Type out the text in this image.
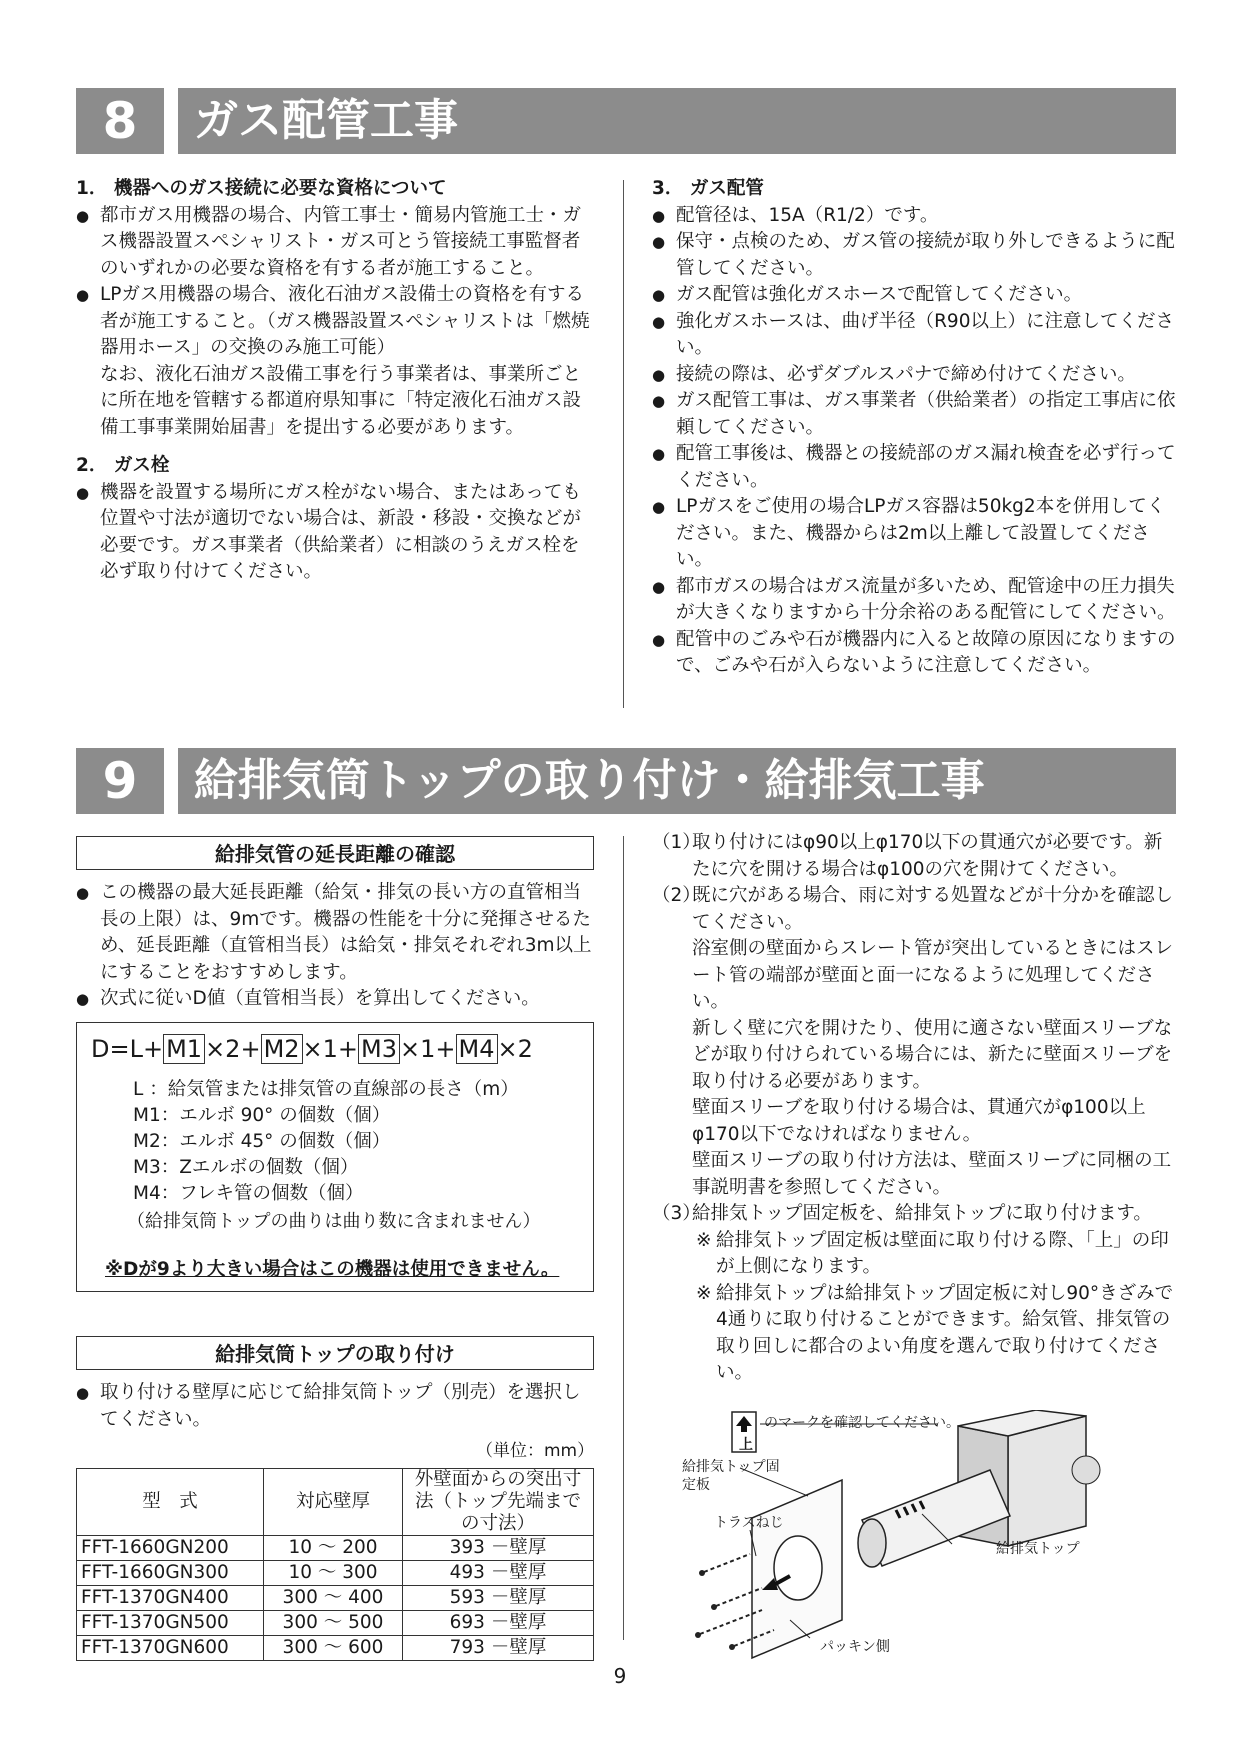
8	ガス配管工事

1． 機器へのガス接続に必要な資格について

● 都市ガス用機器の場合、内管工事士・簡易内管施工士・ガス機器設置スペシャリスト・ガス可とう管接続工事監督者のいずれかの必要な資格を有する者が施工すること。

● LPガス用機器の場合、液化石油ガス設備士の資格を有する者が施工すること。（ガス機器設置スペシャリストは「燃焼器用ホース」の交換のみ施工可能）

なお、液化石油ガス設備工事を行う事業者は、事業所ごとに所在地を管轄する都道府県知事に「特定液化石油ガス設備工事事業開始届書」を提出する必要があります。

2． ガス栓

● 機器を設置する場所にガス栓がない場合、またはあっても位置や寸法が適切でない場合は、新設・移設・交換などが必要です。ガス事業者（供給業者）に相談のうえガス栓を必ず取り付けてください。

3． ガス配管

● 配管径は、15A（R1/2）です。

● 保守・点検のため、ガス管の接続が取り外しできるように配管してください。

● ガス配管は強化ガスホースで配管してください。

● 強化ガスホースは、曲げ半径（R90以上）に注意してください。

● 接続の際は、必ずダブルスパナで締め付けてください。

● ガス配管工事は、ガス事業者（供給業者）の指定工事店に依頼してください。

● 配管工事後は、機器との接続部のガス漏れ検査を必ず行ってください。

● LPガスをご使用の場合LPガス容器は50kg2本を併用してください。また、機器からは2m以上離して設置してください。

● 都市ガスの場合はガス流量が多いため、配管途中の圧力損失が大きくなりますから十分余裕のある配管にしてください。

● 配管中のごみや石が機器内に入ると故障の原因になりますので、ごみや石が入らないように注意してください。

9	給排気筒トップの取り付け・給排気工事
給排気管の延長距離の確認

● この機器の最大延長距離（給気・排気の長い方の直管相当長の上限）は、9mです。機器の性能を十分に発揮させるため、延長距離（直管相当長）は給気・排気それぞれ3m以上にすることをおすすめします。

● 次式に従いD値（直管相当長）を算出してください。

D=L+ M1 ×2+ M2 ×1+ M3 ×1+ M4 ×2
L ：給気管または排気管の直線部の長さ（m）
M1：エルボ 90° の個数（個）
M2：エルボ 45° の個数（個）
M3：Zエルボの個数（個）
M4：フレキ管の個数（個）
（給排気筒トップの曲りは曲り数に含まれません）
※Dが9より大きい場合はこの機器は使用できません。
給排気筒トップの取り付け

● 取り付ける壁厚に応じて給排気筒トップ（別売）を選択してください。

（単位：mm）
型　式	対応壁厚	外壁面からの突出寸法（トップ先端までの寸法）
FFT-1660GN200	10 ～ 200	393 －壁厚
FFT-1660GN300	10 ～ 300	493 －壁厚
FFT-1370GN400	300 ～ 400	593 －壁厚
FFT-1370GN500	300 ～ 500	693 －壁厚
FFT-1370GN600	300 ～ 600	793 －壁厚

（1）
取り付けにはφ90以上φ170以下の貫通穴が必要です。新たに穴を開ける場合はφ100の穴を開けてください。

（2）
既に穴がある場合、雨に対する処置などが十分かを確認してください。

浴室側の壁面からスレート管が突出しているときにはスレート管の端部が壁面と面一になるように処理してください。

新しく壁に穴を開けたり、使用に適さない壁面スリーブなどが取り付けられている場合には、新たに壁面スリーブを取り付ける必要があります。

壁面スリーブを取り付ける場合は、貫通穴がφ100以上φ170以下でなければなりません。

壁面スリーブの取り付け方法は、壁面スリーブに同梱の工事説明書を参照してください。

（3）
給排気トップ固定板を、給排気トップに取り付けます。

※ 給排気トップ固定板は壁面に取り付ける際、「上」の印が上側になります。

※ 給排気トップは給排気トップ固定板に対し90°きざみで4通りに取り付けることができます。給気管、排気管の取り回しに都合のよい角度を選んで取り付けてください。

上
のマークを確認してください。
給排気トップ固定板
トラスねじ
給排気トップ
パッキン側
9
